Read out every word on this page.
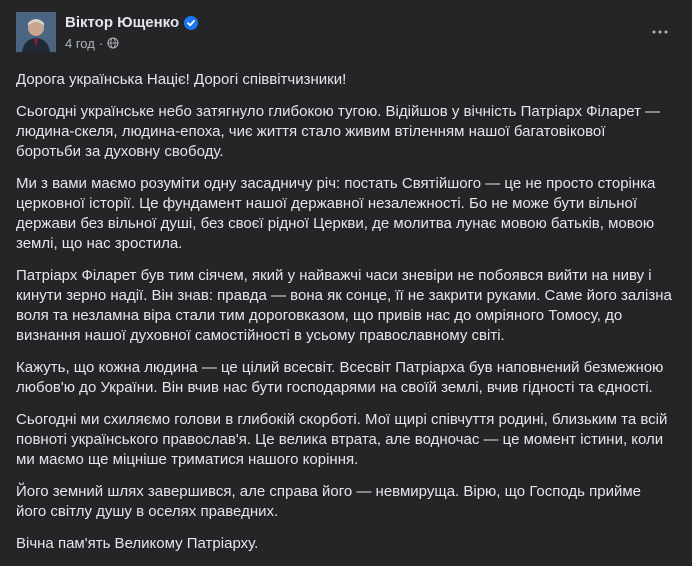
Віктор Ющенко
4 год ·

Дорога українська Націє! Дорогі співвітчизники!

Сьогодні українське небо затягнуло глибокою тугою. Відійшов у вічність Патріарх Філарет —
людина-скеля, людина-епоха, чиє життя стало живим втіленням нашої багатовікової
боротьби за духовну свободу.

Ми з вами маємо розуміти одну засадничу річ: постать Святійшого — це не просто сторінка
церковної історії. Це фундамент нашої державної незалежності. Бо не може бути вільної
держави без вільної душі, без своєї рідної Церкви, де молитва лунає мовою батьків, мовою
землі, що нас зростила.

Патріарх Філарет був тим сіячем, який у найважчі часи зневіри не побоявся вийти на ниву і
кинути зерно надії. Він знав: правда — вона як сонце, її не закрити руками. Саме його залізна
воля та незламна віра стали тим дороговказом, що привів нас до омріяного Томосу, до
визнання нашої духовної самостійності в усьому православному світі.

Кажуть, що кожна людина — це цілий всесвіт. Всесвіт Патріарха був наповнений безмежною
любов'ю до України. Він вчив нас бути господарями на своїй землі, вчив гідності та єдності.

Сьогодні ми схиляємо голови в глибокій скорботі. Мої щирі співчуття родині, близьким та всій
повноті українського православ'я. Це велика втрата, але водночас — це момент істини, коли
ми маємо ще міцніше триматися нашого коріння.

Його земний шлях завершився, але справа його — невмируща. Вірю, що Господь прийме
його світлу душу в оселях праведних.

Вічна пам'ять Великому Патріарху.
